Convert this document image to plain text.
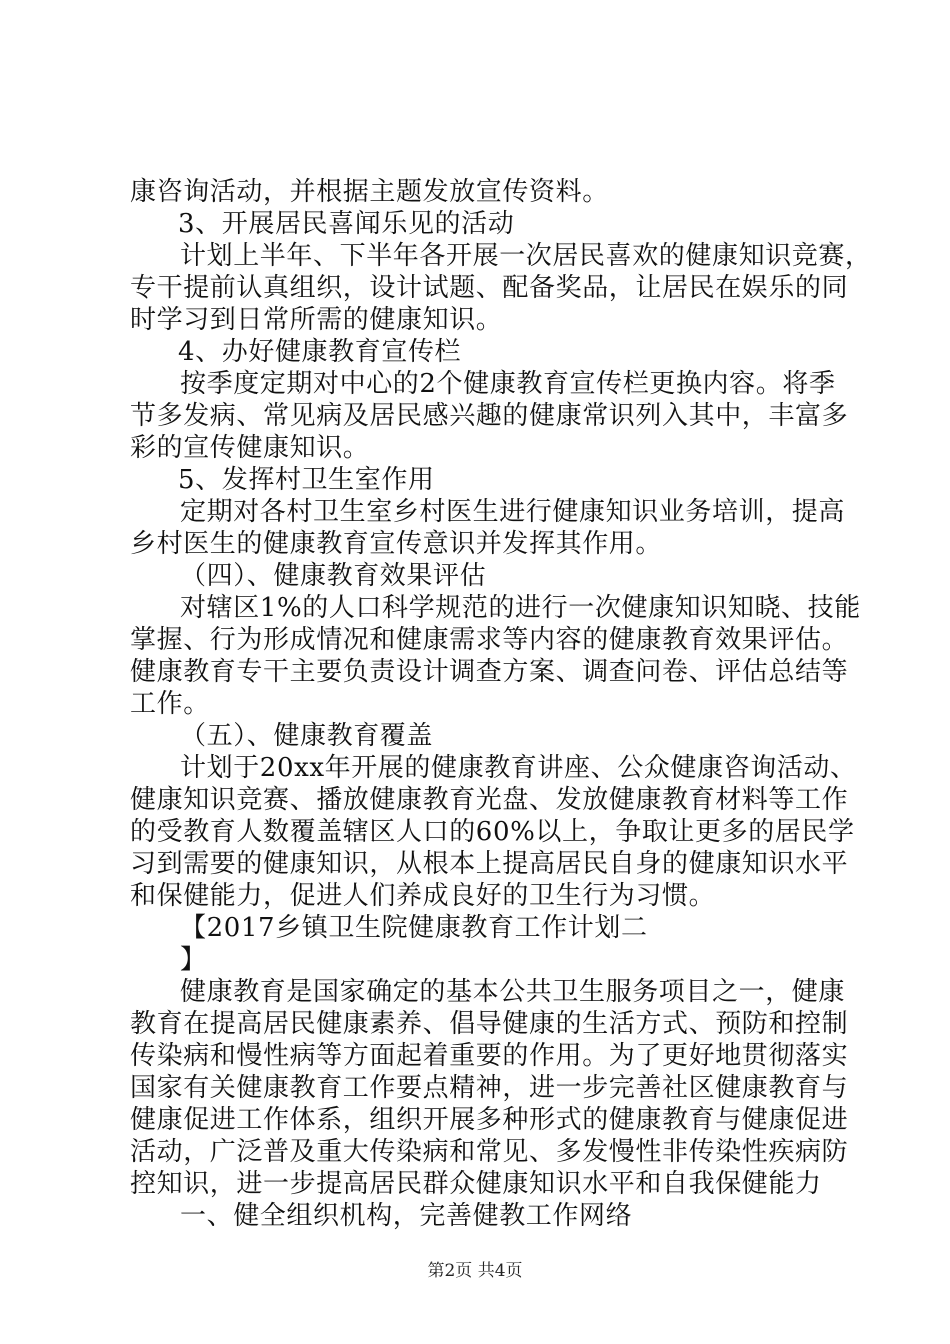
康咨询活动，并根据主题发放宣传资料。
3、开展居民喜闻乐见的活动
计划上半年、下半年各开展一次居民喜欢的健康知识竞赛，
专干提前认真组织，设计试题、配备奖品，让居民在娱乐的同
时学习到日常所需的健康知识。
4、办好健康教育宣传栏
按季度定期对中心的2个健康教育宣传栏更换内容。将季
节多发病、常见病及居民感兴趣的健康常识列入其中，丰富多
彩的宣传健康知识。
5、发挥村卫生室作用
定期对各村卫生室乡村医生进行健康知识业务培训，提高
乡村医生的健康教育宣传意识并发挥其作用。
（四）、健康教育效果评估
对辖区1%的人口科学规范的进行一次健康知识知晓、技能
掌握、行为形成情况和健康需求等内容的健康教育效果评估。
健康教育专干主要负责设计调查方案、调查问卷、评估总结等
工作。
（五）、健康教育覆盖
计划于20xx年开展的健康教育讲座、公众健康咨询活动、
健康知识竞赛、播放健康教育光盘、发放健康教育材料等工作
的受教育人数覆盖辖区人口的60%以上，争取让更多的居民学
习到需要的健康知识，从根本上提高居民自身的健康知识水平
和保健能力，促进人们养成良好的卫生行为习惯。
【2017乡镇卫生院健康教育工作计划二
】
健康教育是国家确定的基本公共卫生服务项目之一，健康
教育在提高居民健康素养、倡导健康的生活方式、预防和控制
传染病和慢性病等方面起着重要的作用。为了更好地贯彻落实
国家有关健康教育工作要点精神，进一步完善社区健康教育与
健康促进工作体系，组织开展多种形式的健康教育与健康促进
活动，广泛普及重大传染病和常见、多发慢性非传染性疾病防
控知识，进一步提高居民群众健康知识水平和自我保健能力
一、健全组织机构，完善健教工作网络
第2页 共4页
